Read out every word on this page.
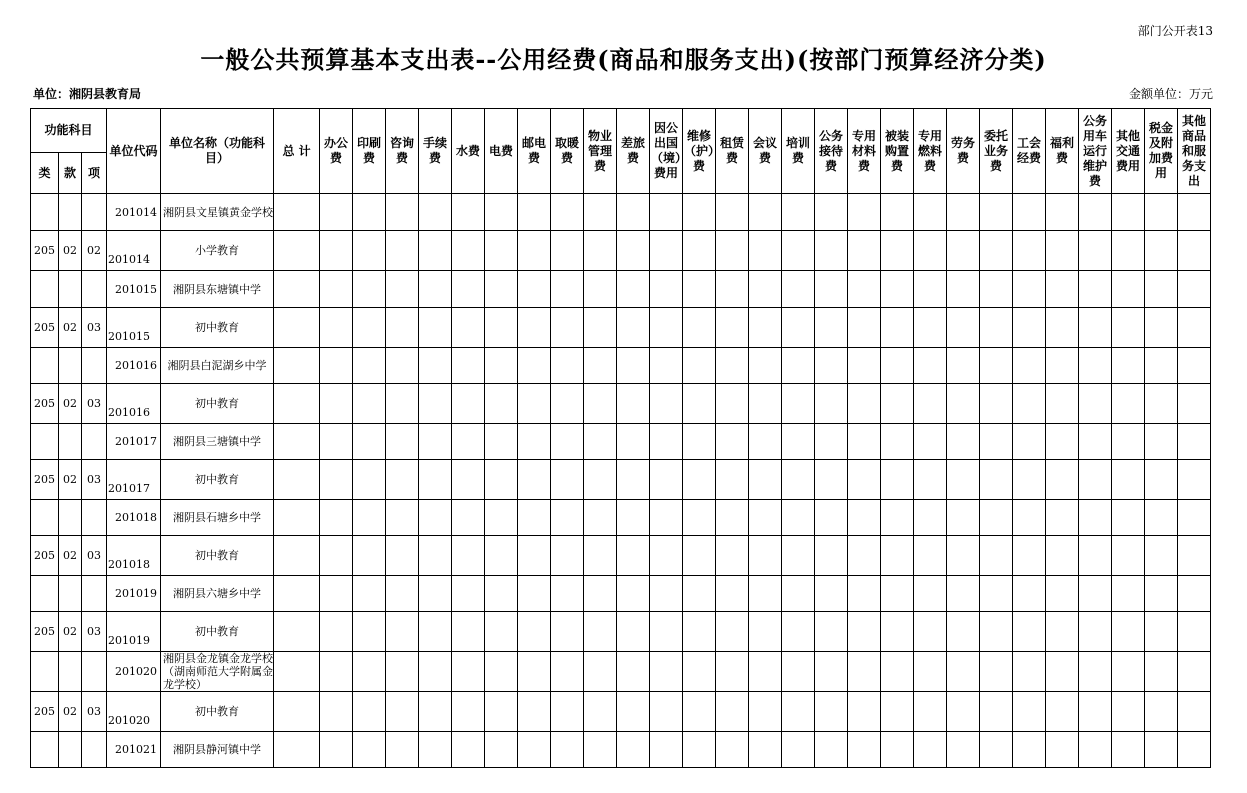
部门公开表13
一般公共预算基本支出表--公用经费(商品和服务支出)(按部门预算经济分类)
单位：湘阴县教育局	金额单位：万元
功能科目			单位代码	单位名称（功能科目）	总 计	办公费	印刷费	咨询费	手续费	水费	电费	邮电费	取暖费	物业管理费	差旅费	因公出国（境）费用	维修（护）费	租赁费	会议费	培训费	公务接待费	专用材料费	被装购置费	专用燃料费	劳务费	委托业务费	工会经费	福利费	公务用车运行维护费	其他交通费用	税金及附加费用	其他商品和服务支出
类	款	项																														
			201014	湘阴县文星镇黄金学校																												
205	02	02	201014	小学教育																												
			201015	湘阴县东塘镇中学																												
205	02	03	201015	初中教育																												
			201016	湘阴县白泥湖乡中学																												
205	02	03	201016	初中教育																												
			201017	湘阴县三塘镇中学																												
205	02	03	201017	初中教育																												
			201018	湘阴县石塘乡中学																												
205	02	03	201018	初中教育																												
			201019	湘阴县六塘乡中学																												
205	02	03	201019	初中教育																												
			201020	湘阴县金龙镇金龙学校（湖南师范大学附属金龙学校）																												
205	02	03	201020	初中教育																												
			201021	湘阴县静河镇中学																												
